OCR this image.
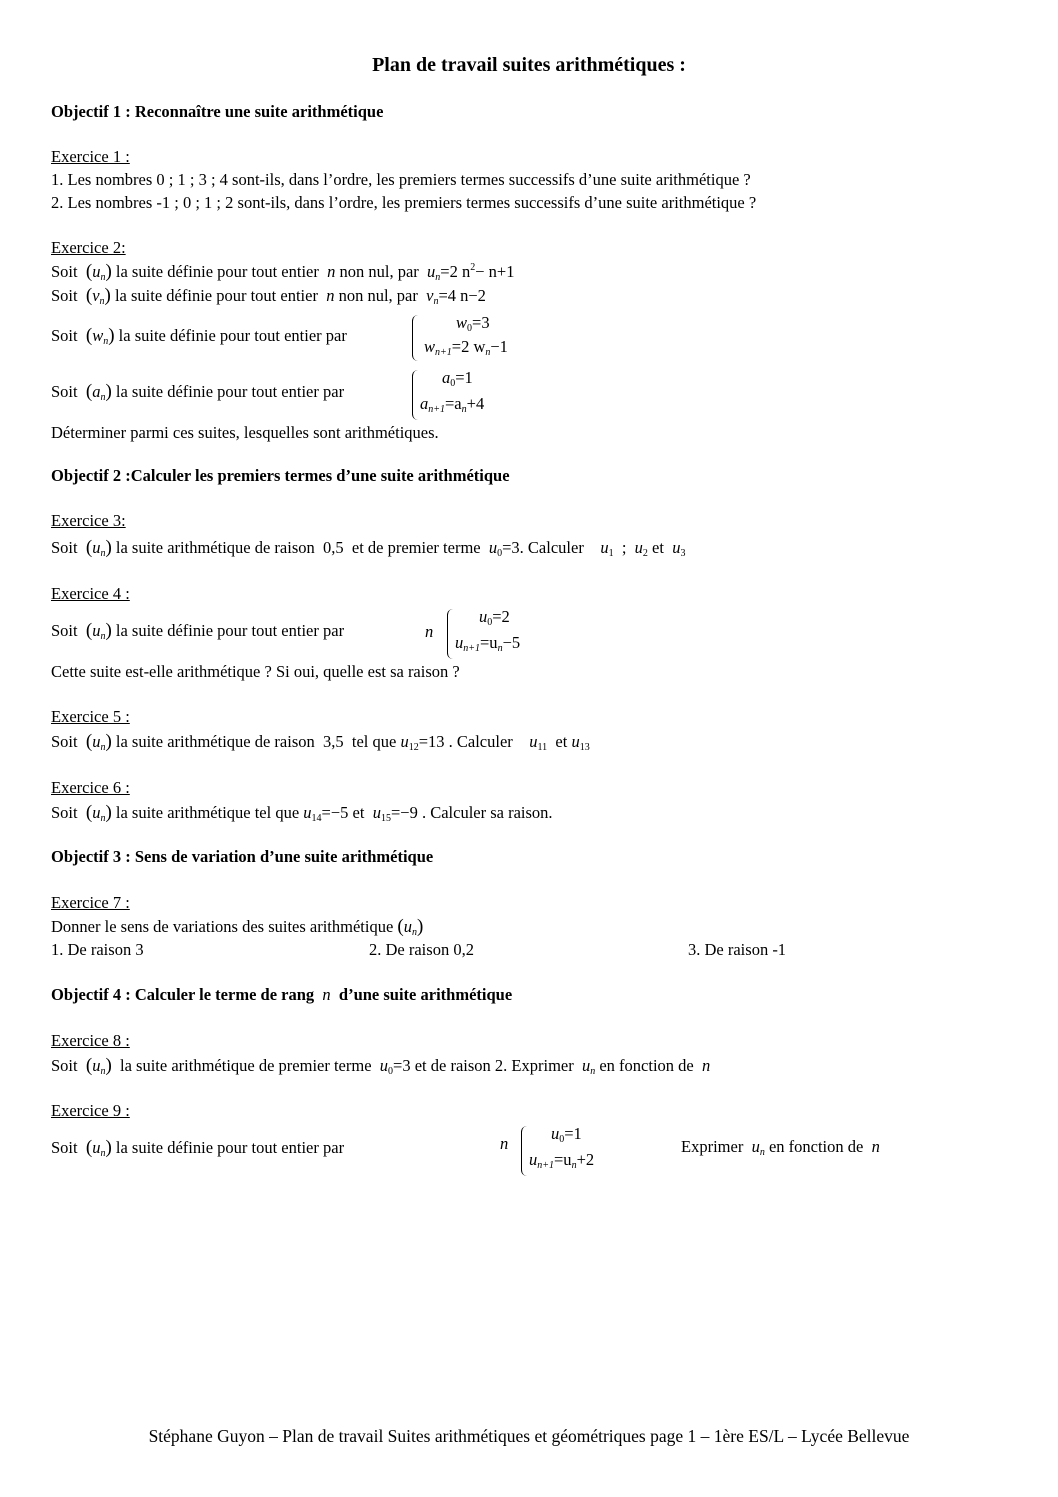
Plan de travail suites arithmétiques :
Objectif 1 : Reconnaître une suite arithmétique
Exercice 1 :
1. Les nombres 0 ; 1 ; 3 ; 4 sont-ils, dans l’ordre, les premiers termes successifs d’une suite arithmétique ?
2. Les nombres -1 ; 0 ; 1 ; 2 sont-ils, dans l’ordre, les premiers termes successifs d’une suite arithmétique ?
Exercice 2:
Soit $(u_n)$ la suite définie pour tout entier n non nul, par $u_n=2$ $n^2- n+1$
Soit $(v_n)$ la suite définie pour tout entier n non nul, par $v_n=4$ n−2
Soit $(w_n)$ la suite définie pour tout entier par
$w_0=3$
$w_{n+1}=2$ $w_n-1$
Soit $(a_n)$ la suite définie pour tout entier par
$a_0=1$
$a_{n+1}=a_n+4$
Déterminer parmi ces suites, lesquelles sont arithmétiques.
Objectif 2 :Calculer les premiers termes d’une suite arithmétique
Exercice 3:
Soit $(u_n)$ la suite arithmétique de raison 0,5 et de premier terme $u_0=3$. Calculer $u_1$ ; $u_2$ et $u_3$
Exercice 4 :
Soit $(u_n)$ la suite définie pour tout entier par	n
$u_0=2$
$u_{n+1}=u_n-5$
Cette suite est-elle arithmétique ? Si oui, quelle est sa raison ?
Exercice 5 :
Soit $(u_n)$ la suite arithmétique de raison 3,5 tel que $u_{12}=13$ . Calculer $u_{11}$ et $u_{13}$
Exercice 6 :
Soit $(u_n)$ la suite arithmétique tel que $u_{14}=-5$ et $u_{15}=-9$ . Calculer sa raison.
Objectif 3 : Sens de variation d’une suite arithmétique
Exercice 7 :
Donner le sens de variations des suites arithmétique $(u_n)$
1. De raison 3	2. De raison 0,2	3. De raison -1
Objectif 4 : Calculer le terme de rang n d’une suite arithmétique
Exercice 8 :
Soit $(u_n)$ la suite arithmétique de premier terme $u_0=3$ et de raison 2. Exprimer $u_n$ en fonction de n
Exercice 9 :
Soit $(u_n)$ la suite définie pour tout entier par	n
$u_0=1$
$u_{n+1}=u_n+2$
Exprimer $u_n$ en fonction de n
Stéphane Guyon – Plan de travail Suites arithmétiques et géométriques page 1 – 1ère ES/L – Lycée Bellevue
